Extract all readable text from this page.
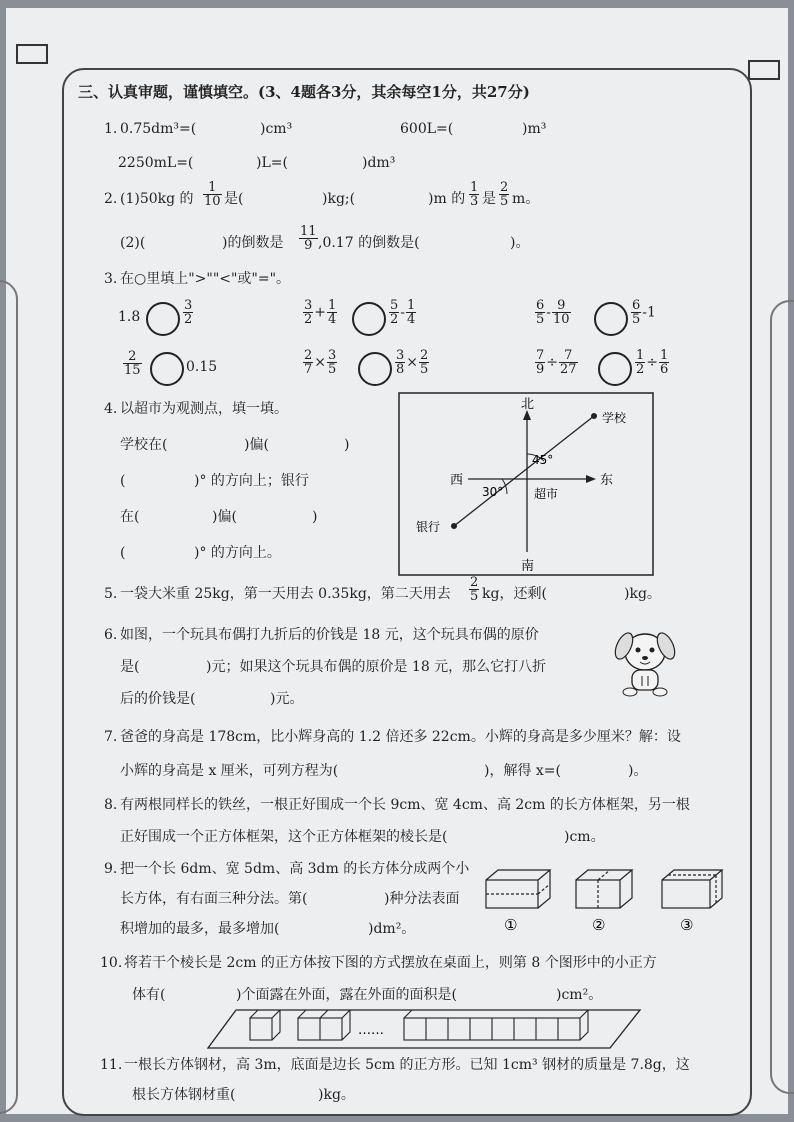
三、认真审题，谨慎填空。(3、4题各3分，其余每空1分，共27分)
1. 0.75dm³=(	)cm³	600L=(	)m³
2250mL=(	)L=(	)dm³
2. (1)50kg 的 $\frac{1}{10}$ 是(	)kg;(	)m 的 $\frac{1}{3}$ 是 $\frac{2}{5}$ m。
(2)(	)的倒数是 $\frac{11}{9} ,0.17$ 的倒数是(	)。
3. 在○里填上">""<"或"="。
1.8	$\frac{3}{2}$	$\frac{3}{2} + \frac{1}{4}$	$\frac{5}{2} - \frac{1}{4}$	$\frac{6}{5} - \frac{9}{10}$	$\frac{6}{5} -1$
$\frac{2}{15}$	0.15	$\frac{2}{7} \times \frac{3}{5}$	$\frac{3}{8} \times \frac{2}{5}$	$\frac{7}{9} \div \frac{7}{27}$	$\frac{1}{2} \div \frac{1}{6}$
4. 以超市为观测点，填一填。
学校在(	)偏(	)
(	)° 的方向上；银行
在(	)偏(	)
(	)° 的方向上。
北
南
东
西
超市
学校
银行
45°
30°
5. 一袋大米重 25kg，第一天用去 0.35kg，第二天用去 $\frac{2}{5}$ kg，还剩(	)kg。
6. 如图，一个玩具布偶打九折后的价钱是 18 元，这个玩具布偶的原价
是(	)元；如果这个玩具布偶的原价是 18 元，那么它打八折
后的价钱是(	)元。
7. 爸爸的身高是 178cm，比小辉身高的 1.2 倍还多 22cm。小辉的身高是多少厘米？解：设
小辉的身高是 x 厘米，可列方程为(	)，解得 x=(	)。
8. 有两根同样长的铁丝，一根正好围成一个长 9cm、宽 4cm、高 2cm 的长方体框架，另一根
正好围成一个正方体框架，这个正方体框架的棱长是(	)cm。
9. 把一个长 6dm、宽 5dm、高 3dm 的长方体分成两个小
长方体，有右面三种分法。第(	)种分法表面
积增加的最多，最多增加(	)dm²。	①	②	③
10. 将若干个棱长是 2cm 的正方体按下图的方式摆放在桌面上，则第 8 个图形中的小正方
体有(	)个面露在外面，露在外面的面积是(	)cm²。
……
11. 一根长方体钢材，高 3m，底面是边长 5cm 的正方形。已知 1cm³ 钢材的质量是 7.8g，这
根长方体钢材重(	)kg。
